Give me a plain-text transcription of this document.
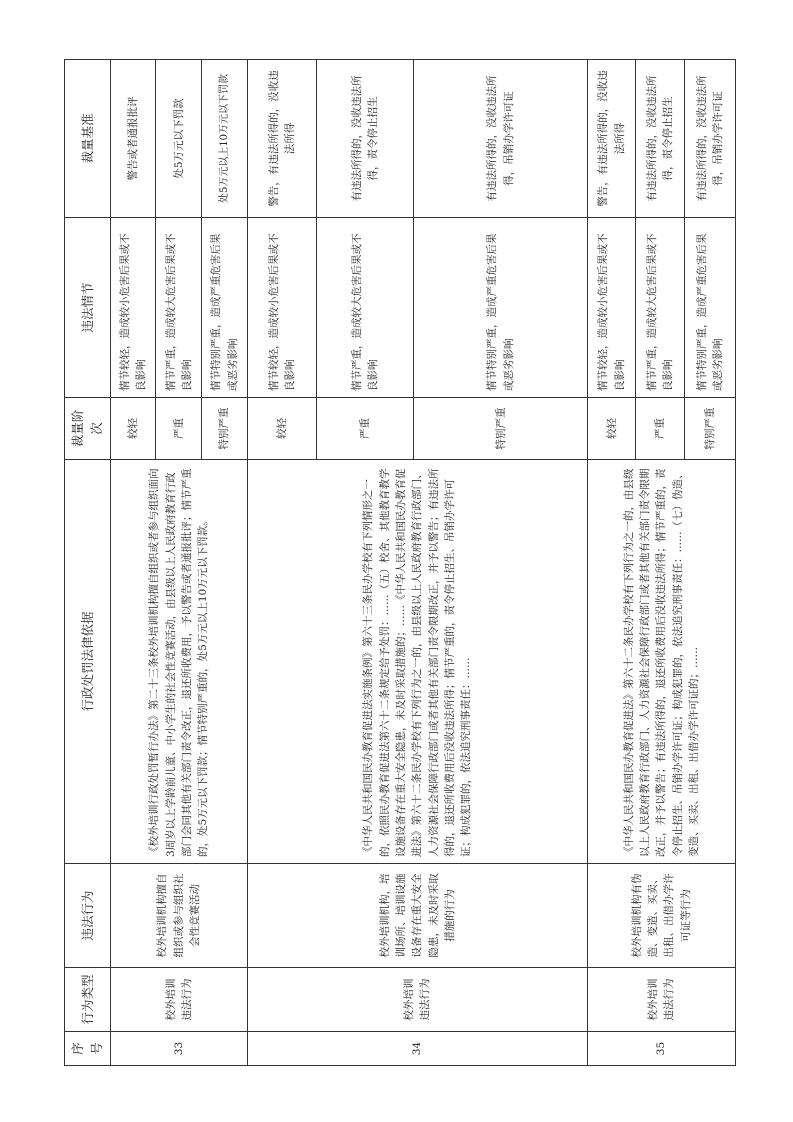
序号	行为类型	违法行为	行政处罚法律依据	裁量阶次	违法情节	裁量基准
33	校外培训违法行为	校外培训机构擅自组织或参与组织社会性竞赛活动	《校外培训行政处罚暂行办法》第二十三条校外培训机构擅自组织或者参与组织面向3周岁以上学龄前儿童、中小学生的社会性竞赛活动，由县级以上人民政府教育行政部门会同其他有关部门责令改正，退还所收费用，予以警告或者通报批评；情节严重的，处5万元以下罚款；情节特别严重的，处5万元以上10万元以下罚款。	较轻	情节较轻，造成较小危害后果或不良影响	警告或者通报批评
				严重	情节严重，造成较大危害后果或不良影响	处5万元以下罚款
				特别严重	情节特别严重，造成严重危害后果或恶劣影响	处5万元以上10万元以下罚款
34	校外培训违法行为	校外培训机构，培训场所、培训设施设备存在重大安全隐患，未及时采取措施的行为	《中华人民共和国民办教育促进法实施条例》第六十三条民办学校有下列情形之一的，依照民办教育促进法第六十二条规定给予处罚：……（五）校舍、其他教育教学设施设备存在重大安全隐患，未及时采取措施的；……《中华人民共和国民办教育促进法》第六十二条民办学校有下列行为之一的，由县级以上人民政府教育行政部门、人力资源社会保障行政部门或者其他有关部门责令限期改正，并予以警告；有违法所得的，退还所收费用后没收违法所得；情节严重的，责令停止招生、吊销办学许可证；构成犯罪的，依法追究刑事责任：……	较轻	情节较轻，造成较小危害后果或不良影响	警告，有违法所得的，没收违法所得
				严重	情节严重，造成较大危害后果或不良影响	有违法所得的，没收违法所得，责令停止招生
				特别严重	情节特别严重，造成严重危害后果或恶劣影响	有违法所得的，没收违法所得，吊销办学许可证
35	校外培训违法行为	校外培训机构有伪造、变造、买卖、出租、出借办学许可证等行为	《中华人民共和国民办教育促进法》第六十二条民办学校有下列行为之一的，由县级以上人民政府教育行政部门、人力资源社会保障行政部门或者其他有关部门责令限期改正，并予以警告；有违法所得的，退还所收费用后没收违法所得；情节严重的，责令停止招生、吊销办学许可证；构成犯罪的，依法追究刑事责任：……（七）伪造、变造、买卖、出租、出借办学许可证的；……	较轻	情节较轻，造成较小危害后果或不良影响	警告，有违法所得的，没收违法所得
				严重	情节严重，造成较大危害后果或不良影响	有违法所得的，没收违法所得，责令停止招生
				特别严重	情节特别严重，造成严重危害后果或恶劣影响	有违法所得的，没收违法所得，吊销办学许可证
